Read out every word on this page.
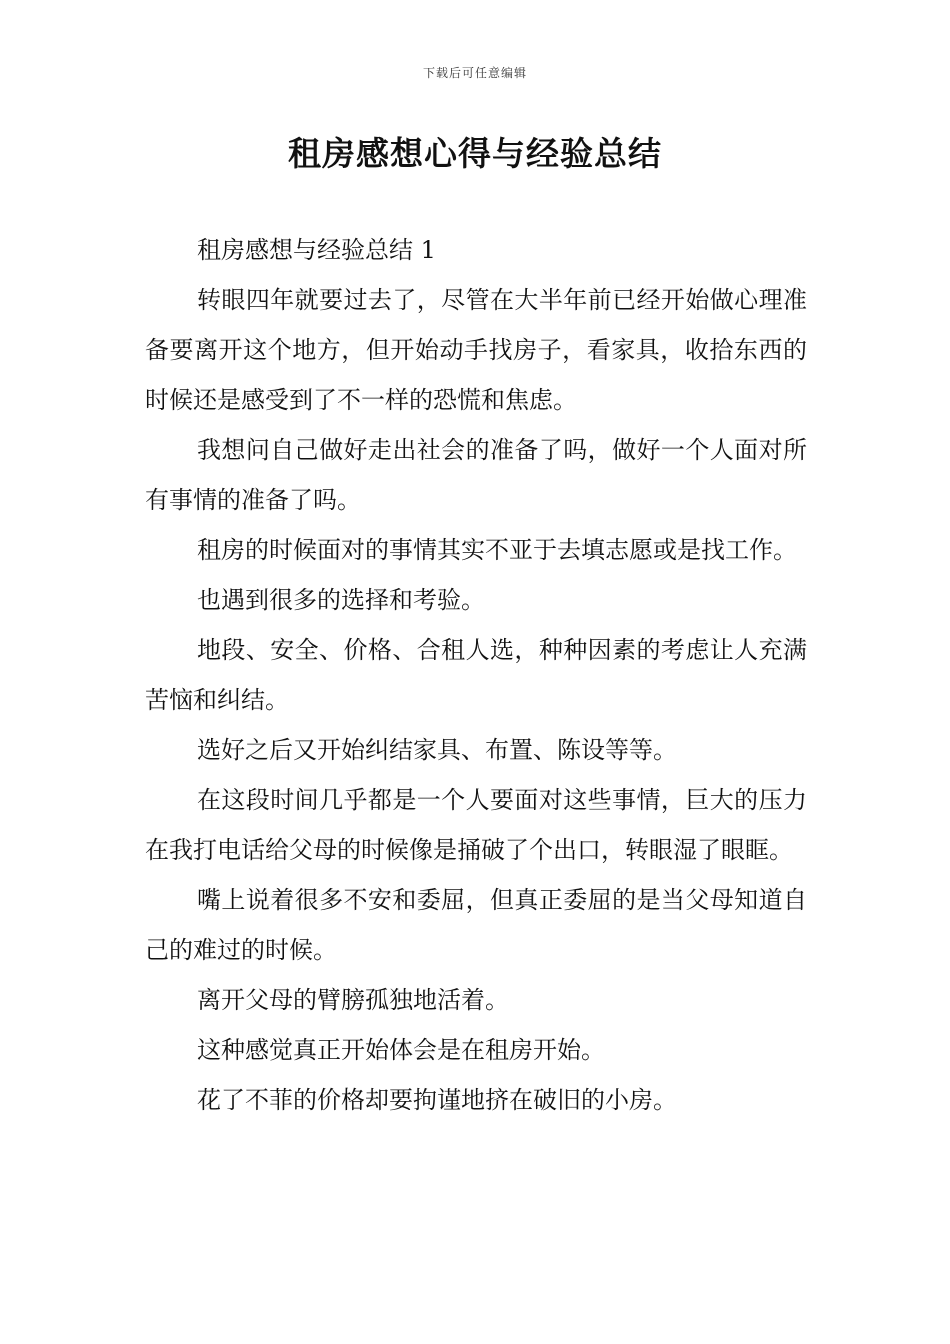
下载后可任意编辑
租房感想心得与经验总结

租房感想与经验总结 1

转眼四年就要过去了，尽管在大半年前已经开始做心理准备要离开这个地方，但开始动手找房子，看家具，收拾东西的时候还是感受到了不一样的恐慌和焦虑。

我想问自己做好走出社会的准备了吗，做好一个人面对所有事情的准备了吗。

租房的时候面对的事情其实不亚于去填志愿或是找工作。

也遇到很多的选择和考验。

地段、安全、价格、合租人选，种种因素的考虑让人充满苦恼和纠结。

选好之后又开始纠结家具、布置、陈设等等。

在这段时间几乎都是一个人要面对这些事情，巨大的压力在我打电话给父母的时候像是捅破了个出口，转眼湿了眼眶。

嘴上说着很多不安和委屈，但真正委屈的是当父母知道自己的难过的时候。

离开父母的臂膀孤独地活着。

这种感觉真正开始体会是在租房开始。

花了不菲的价格却要拘谨地挤在破旧的小房。
